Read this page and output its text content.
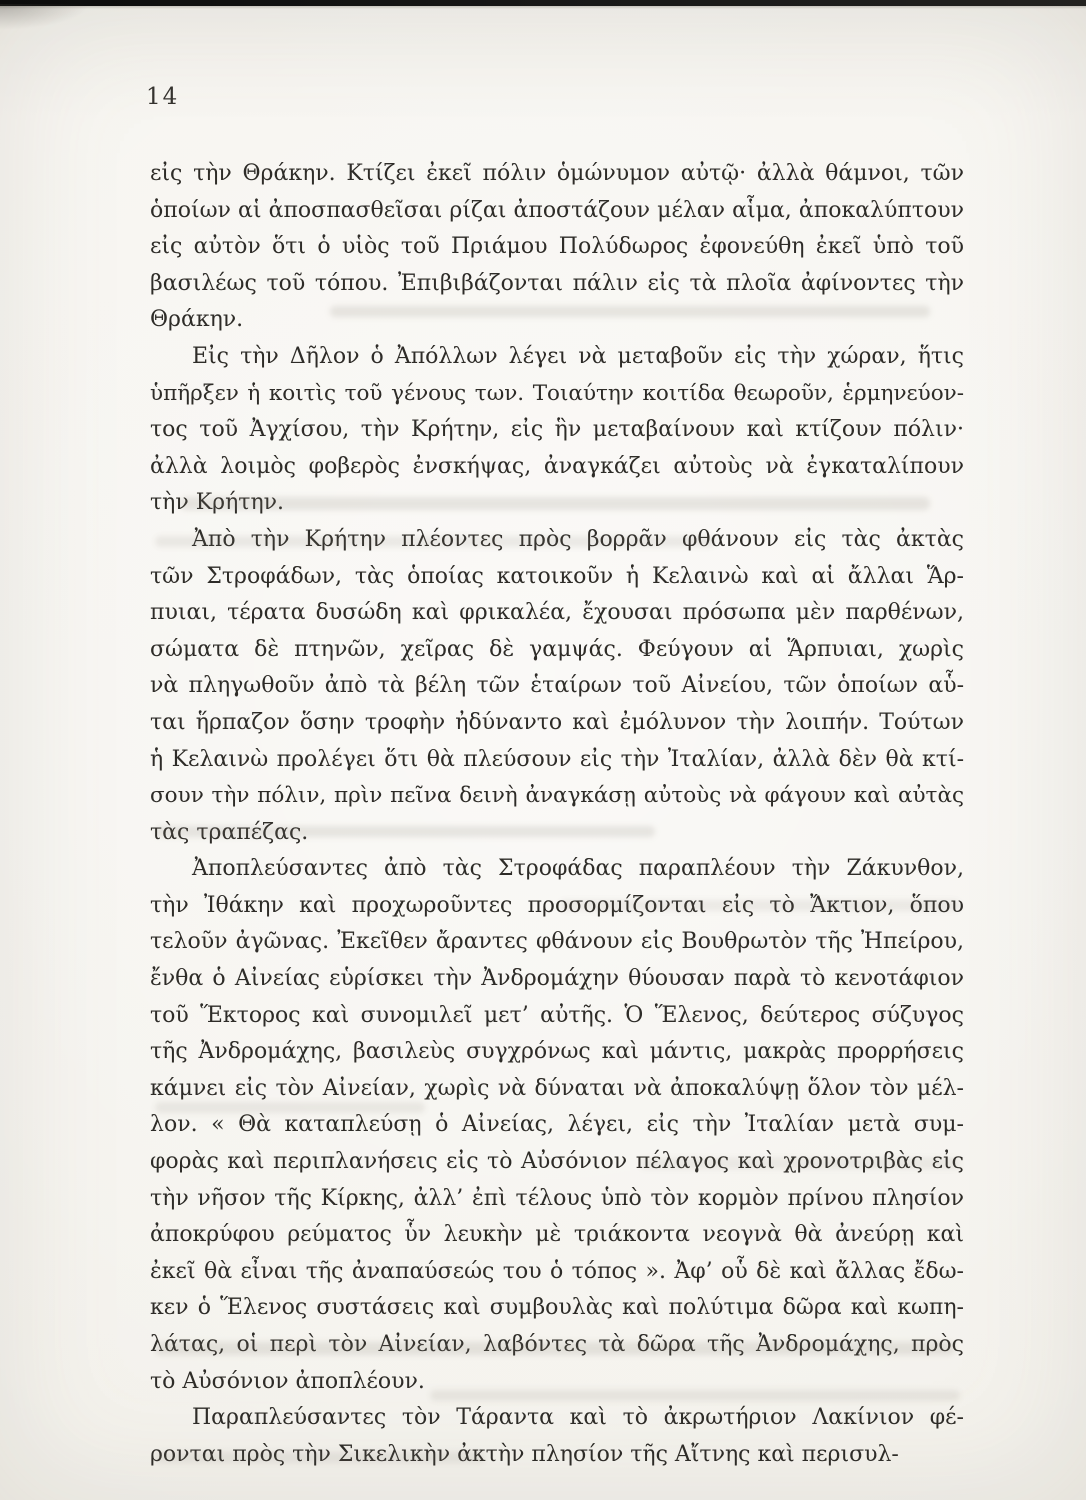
14
εἰς τὴν Θράκην. Κτίζει ἐκεῖ πόλιν ὁμώνυμον αὐτῷ· ἀλλὰ θάμνοι, τῶν
ὁποίων αἱ ἀποσπασθεῖσαι ρίζαι ἀποστάζουν μέλαν αἷμα, ἀποκαλύπτουν
εἰς αὐτὸν ὅτι ὁ υἱὸς τοῦ Πριάμου Πολύδωρος ἐφονεύθη ἐκεῖ ὑπὸ τοῦ
βασιλέως τοῦ τόπου. Ἐπιβιβάζονται πάλιν εἰς τὰ πλοῖα ἀφίνοντες τὴν
Θράκην.
Εἰς τὴν Δῆλον ὁ Ἀπόλλων λέγει νὰ μεταβοῦν εἰς τὴν χώραν, ἥτις
ὑπῆρξεν ἡ κοιτὶς τοῦ γένους των. Τοιαύτην κοιτίδα θεωροῦν, ἑρμηνεύον-
τος τοῦ Ἀγχίσου, τὴν Κρήτην, εἰς ἣν μεταβαίνουν καὶ κτίζουν πόλιν·
ἀλλὰ λοιμὸς φοβερὸς ἐνσκήψας, ἀναγκάζει αὐτοὺς νὰ ἐγκαταλίπουν
τὴν Κρήτην.
Ἀπὸ τὴν Κρήτην πλέοντες πρὸς βορρᾶν φθάνουν εἰς τὰς ἀκτὰς
τῶν Στροφάδων, τὰς ὁποίας κατοικοῦν ἡ Κελαινὼ καὶ αἱ ἄλλαι Ἅρ-
πυιαι, τέρατα δυσώδη καὶ φρικαλέα, ἔχουσαι πρόσωπα μὲν παρθένων,
σώματα δὲ πτηνῶν, χεῖρας δὲ γαμψάς. Φεύγουν αἱ Ἅρπυιαι, χωρὶς
νὰ πληγωθοῦν ἀπὸ τὰ βέλη τῶν ἑταίρων τοῦ Αἰνείου, τῶν ὁποίων αὗ-
ται ἥρπαζον ὅσην τροφὴν ἠδύναντο καὶ ἐμόλυνον τὴν λοιπήν. Τούτων
ἡ Κελαινὼ προλέγει ὅτι θὰ πλεύσουν εἰς τὴν Ἰταλίαν, ἀλλὰ δὲν θὰ κτί-
σουν τὴν πόλιν, πρὶν πεῖνα δεινὴ ἀναγκάσῃ αὐτοὺς νὰ φάγουν καὶ αὐτὰς
τὰς τραπέζας.
Ἀποπλεύσαντες ἀπὸ τὰς Στροφάδας παραπλέουν τὴν Ζάκυνθον,
τὴν Ἰθάκην καὶ προχωροῦντες προσορμίζονται εἰς τὸ Ἄκτιον, ὅπου
τελοῦν ἀγῶνας. Ἐκεῖθεν ἄραντες φθάνουν εἰς Βουθρωτὸν τῆς Ἠπείρου,
ἔνθα ὁ Αἰνείας εὑρίσκει τὴν Ἀνδρομάχην θύουσαν παρὰ τὸ κενοτάφιον
τοῦ Ἕκτορος καὶ συνομιλεῖ μετ’ αὐτῆς. Ὁ Ἕλενος, δεύτερος σύζυγος
τῆς Ἀνδρομάχης, βασιλεὺς συγχρόνως καὶ μάντις, μακρὰς προρρήσεις
κάμνει εἰς τὸν Αἰνείαν, χωρὶς νὰ δύναται νὰ ἀποκαλύψῃ ὅλον τὸν μέλ-
λον. « Θὰ καταπλεύσῃ ὁ Αἰνείας, λέγει, εἰς τὴν Ἰταλίαν μετὰ συμ-
φορὰς καὶ περιπλανήσεις εἰς τὸ Αὐσόνιον πέλαγος καὶ χρονοτριβὰς εἰς
τὴν νῆσον τῆς Κίρκης, ἀλλ’ ἐπὶ τέλους ὑπὸ τὸν κορμὸν πρίνου πλησίον
ἀποκρύφου ρεύματος ὗν λευκὴν μὲ τριάκοντα νεογνὰ θὰ ἀνεύρῃ καὶ
ἐκεῖ θὰ εἶναι τῆς ἀναπαύσεώς του ὁ τόπος ». Ἀφ’ οὗ δὲ καὶ ἄλλας ἔδω-
κεν ὁ Ἕλενος συστάσεις καὶ συμβουλὰς καὶ πολύτιμα δῶρα καὶ κωπη-
λάτας, οἱ περὶ τὸν Αἰνείαν, λαβόντες τὰ δῶρα τῆς Ἀνδρομάχης, πρὸς
τὸ Αὐσόνιον ἀποπλέουν.
Παραπλεύσαντες τὸν Τάραντα καὶ τὸ ἀκρωτήριον Λακίνιον φέ-
ρονται πρὸς τὴν Σικελικὴν ἀκτὴν πλησίον τῆς Αἴτνης καὶ περισυλ-
